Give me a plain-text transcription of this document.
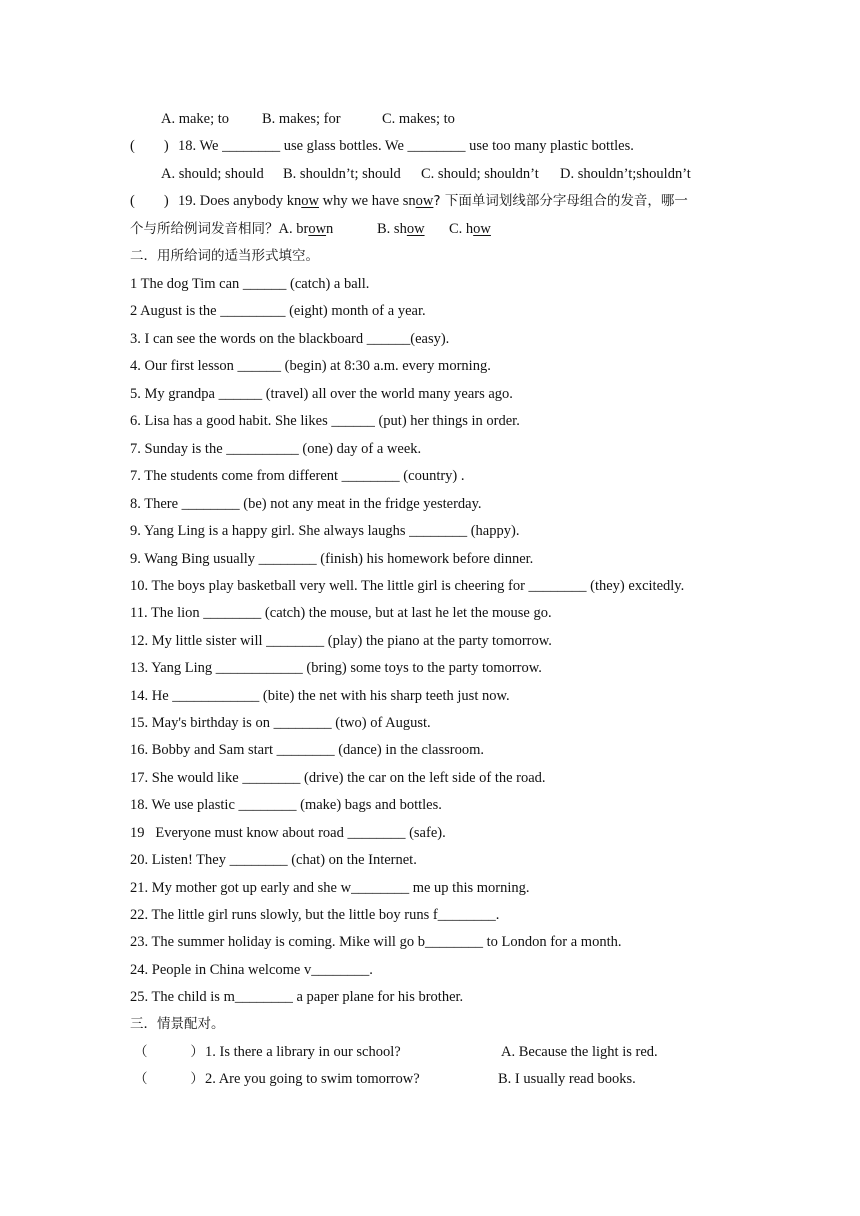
A. make; to B. makes; for	C. makes; to
(        ) 18. We ________ use glass bottles. We ________ use too many plastic bottles.
A. should; should B. shouldn’t; should C. should; shouldn’t D. shouldn’t;shouldn’t
(        ) 19. Does anybody know why we have snow? 下面单词划线部分字母组合的发音，哪一
个与所给例词发音相同？A. brown	B. show C. how
二．用所给词的适当形式填空。
1 The dog Tim can ______ (catch) a ball.
2 August is the _________ (eight) month of a year.
3. I can see the words on the blackboard ______(easy).
4. Our first lesson ______ (begin) at 8:30 a.m. every morning.
5. My grandpa ______ (travel) all over the world many years ago.
6. Lisa has a good habit. She likes ______ (put) her things in order.
7. Sunday is the __________ (one) day of a week.
7. The students come from different ________ (country) .
8. There ________ (be) not any meat in the fridge yesterday.
9. Yang Ling is a happy girl. She always laughs ________ (happy).
9. Wang Bing usually ________ (finish) his homework before dinner.
10. The boys play basketball very well. The little girl is cheering for ________ (they) excitedly.
11. The lion ________ (catch) the mouse, but at last he let the mouse go.
12. My little sister will ________ (play) the piano at the party tomorrow.
13. Yang Ling ____________ (bring) some toys to the party tomorrow.
14. He ____________ (bite) the net with his sharp teeth just now.
15. May's birthday is on ________ (two) of August.
16. Bobby and Sam start ________ (dance) in the classroom.
17. She would like ________ (drive) the car on the left side of the road.
18. We use plastic ________ (make) bags and bottles.
19   Everyone must know about road ________ (safe).
20. Listen! They ________ (chat) on the Internet.
21. My mother got up early and she w________ me up this morning.
22. The little girl runs slowly, but the little boy runs f________.
23. The summer holiday is coming. Mike will go b________ to London for a month.
24. People in China welcome v________.
25. The child is m________ a paper plane for his brother.
三．情景配对。
（          ） 1. Is there a library in our school?	A. Because the light is red.
（          ） 2. Are you going to swim tomorrow?	B. I usually read books.
